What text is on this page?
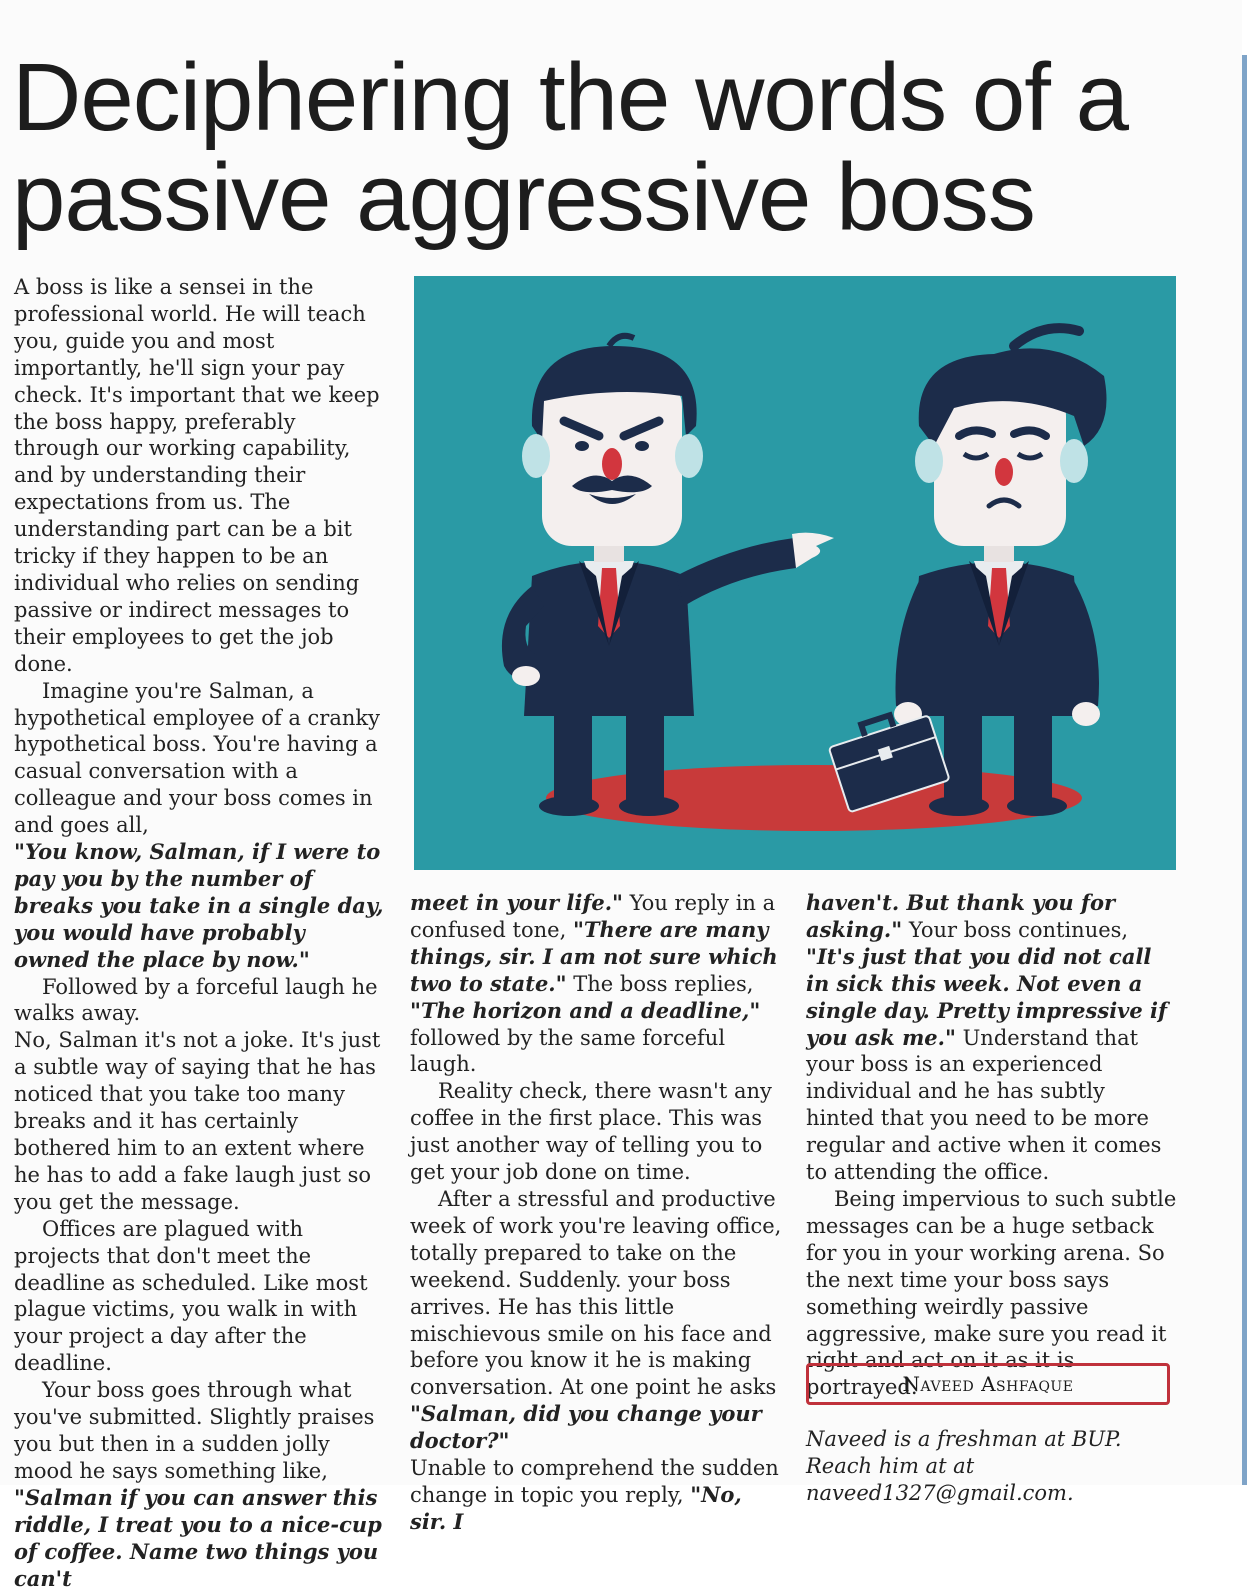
Deciphering the words of a passive aggressive boss

A boss is like a sensei in the professional world. He will teach you, guide you and most importantly, he'll sign your pay check. It's important that we keep the boss happy, preferably through our working capability, and by understanding their expectations from us. The understanding part can be a bit tricky if they happen to be an individual who relies on sending passive or indirect messages to their employees to get the job done.

Imagine you're Salman, a hypothetical employee of a cranky hypothetical boss. You're having a casual conversation with a colleague and your boss comes in and goes all,

"You know, Salman, if I were to pay you by the number of breaks you take in a single day, you would have probably owned the place by now."

Followed by a forceful laugh he walks away.

No, Salman it's not a joke. It's just a subtle way of saying that he has noticed that you take too many breaks and it has certainly bothered him to an extent where he has to add a fake laugh just so you get the message.

Offices are plagued with projects that don't meet the deadline as scheduled. Like most plague victims, you walk in with your project a day after the deadline.

Your boss goes through what you've submitted. Slightly praises you but then in a sudden jolly mood he says something like,

"Salman if you can answer this riddle, I treat you to a nice-cup of coffee. Name two things you can't

meet in your life." You reply in a confused tone, "There are many things, sir. I am not sure which two to state." The boss replies, "The horizon and a deadline," followed by the same forceful laugh.

Reality check, there wasn't any coffee in the first place. This was just another way of telling you to get your job done on time.

After a stressful and productive week of work you're leaving office, totally prepared to take on the weekend. Suddenly. your boss arrives. He has this little mischievous smile on his face and before you know it he is making conversation. At one point he asks

"Salman, did you change your doctor?"

Unable to comprehend the sudden change in topic you reply, "No, sir. I

haven't. But thank you for asking." Your boss continues, "It's just that you did not call in sick this week. Not even a single day. Pretty impressive if you ask me." Understand that your boss is an experienced individual and he has subtly hinted that you need to be more regular and active when it comes to attending the office.

Being impervious to such subtle messages can be a huge setback for you in your working arena. So the next time your boss says something weirdly passive aggressive, make sure you read it right and act on it as it is portrayed.

Naveed Ashfaque
Naveed is a freshman at BUP. Reach him at at naveed1327@gmail.com.
